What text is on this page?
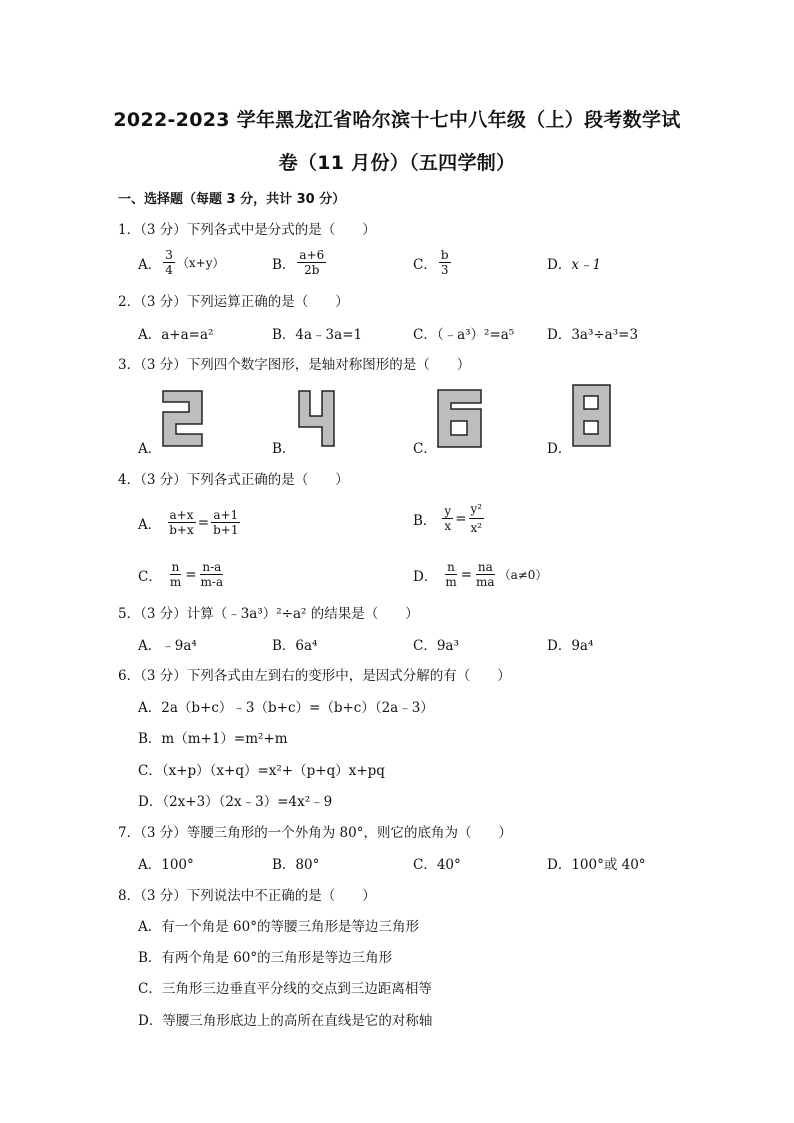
2022-2023 学年黑龙江省哈尔滨十七中八年级（上）段考数学试
卷（11 月份）（五四学制）
一、选择题（每题 3 分，共计 30 分）
1．（3 分）下列各式中是分式的是（　　）
A． $\frac{3}{4} (x+y)$	B． $\frac{a+6}{2b}$	C． $\frac{b}{3}$	D． x﹣1
2．（3 分）下列运算正确的是（　　）
A．a+a=a²	B．4a﹣3a=1	C．（﹣a³）²=a⁵ D．3a³÷a³=3
3．（3 分）下列四个数字图形，是轴对称图形的是（　　）
A．	B．	C．	D．
4．（3 分）下列各式正确的是（　　）
A． $\frac{a+x}{b+x} = \frac{a+1}{b+1}$	B． $\frac{y}{x} = \frac{\text{y²}}{\text{x²}}$
C． $\frac{n}{m} = \frac{n-a}{m-a}$	D． $\frac{n}{m} = \frac{na}{ma} (a\ne 0)$
5．（3 分）计算（﹣3a³）²÷a² 的结果是（　　）
A．﹣9a⁴	B．6a⁴	C．9a³	D．9a⁴
6．（3 分）下列各式由左到右的变形中，是因式分解的有（　　）
A．2a（b+c）﹣3（b+c）=（b+c）（2a﹣3）
B．m（m+1）=m²+m
C．（x+p）（x+q）=x²+（p+q）x+pq
D．（2x+3）（2x﹣3）=4x²﹣9
7．（3 分）等腰三角形的一个外角为 80°，则它的底角为（　　）
A．100°	B．80°	C．40°	D．100°或 40°
8．（3 分）下列说法中不正确的是（　　）
A．有一个角是 60°的等腰三角形是等边三角形
B．有两个角是 60°的三角形是等边三角形
C．三角形三边垂直平分线的交点到三边距离相等
D．等腰三角形底边上的高所在直线是它的对称轴
